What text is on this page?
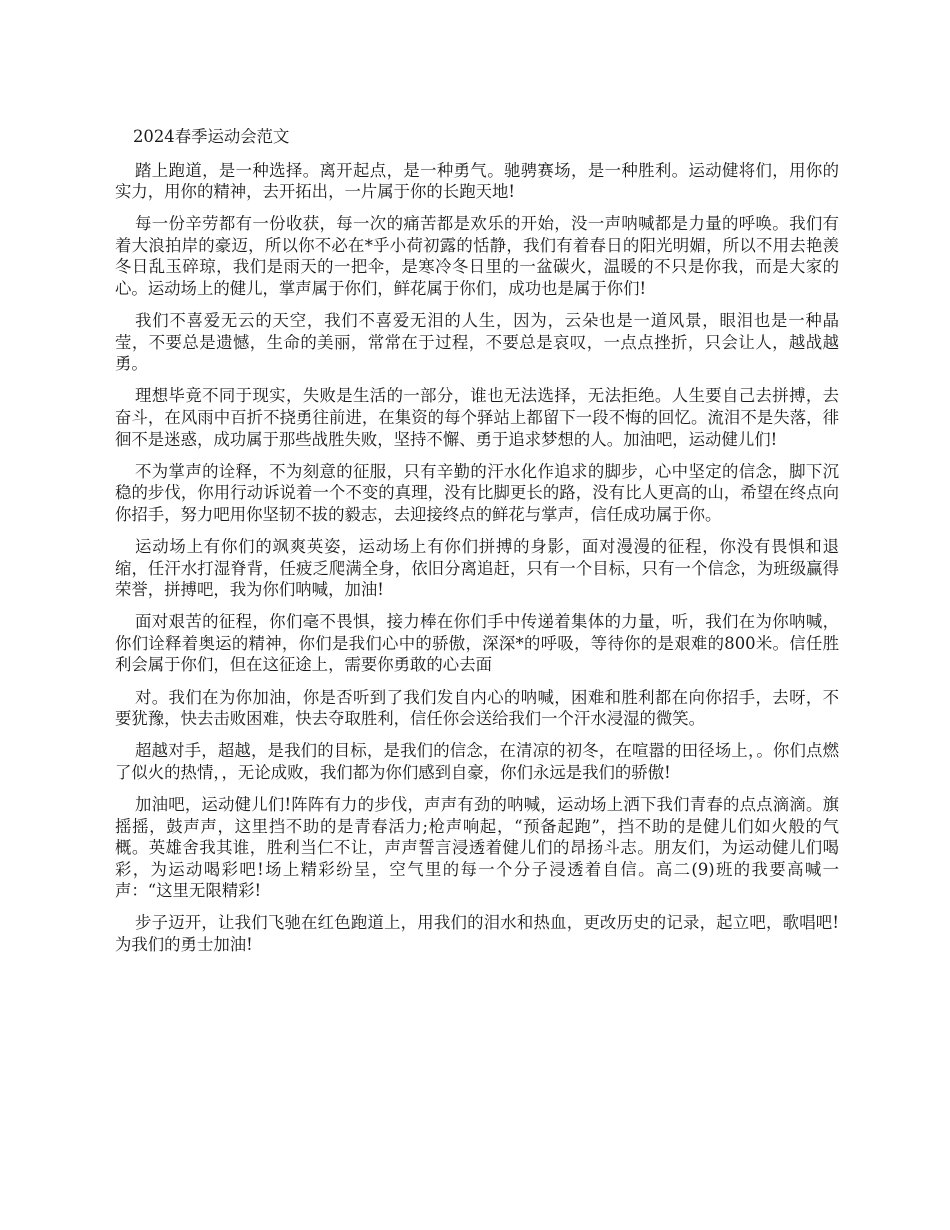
2024春季运动会范文

踏上跑道，是一种选择。离开起点，是一种勇气。驰骋赛场，是一种胜利。运动健将们，用你的实力，用你的精神，去开拓出，一片属于你的长跑天地!

每一份辛劳都有一份收获，每一次的痛苦都是欢乐的开始，没一声呐喊都是力量的呼唤。我们有着大浪拍岸的豪迈，所以你不必在*乎小荷初露的恬静，我们有着春日的阳光明媚，所以不用去艳羡冬日乱玉碎琼，我们是雨天的一把伞，是寒冷冬日里的一盆碳火，温暖的不只是你我，而是大家的心。运动场上的健儿，掌声属于你们，鲜花属于你们，成功也是属于你们!

我们不喜爱无云的天空，我们不喜爱无泪的人生，因为，云朵也是一道风景，眼泪也是一种晶莹，不要总是遗憾，生命的美丽，常常在于过程，不要总是哀叹，一点点挫折，只会让人，越战越勇。

理想毕竟不同于现实，失败是生活的一部分，谁也无法选择，无法拒绝。人生要自己去拼搏，去奋斗，在风雨中百折不挠勇往前进，在集资的每个驿站上都留下一段不悔的回忆。流泪不是失落，徘徊不是迷惑，成功属于那些战胜失败，坚持不懈、勇于追求梦想的人。加油吧，运动健儿们!

不为掌声的诠释，不为刻意的征服，只有辛勤的汗水化作追求的脚步，心中坚定的信念，脚下沉稳的步伐，你用行动诉说着一个不变的真理，没有比脚更长的路，没有比人更高的山，希望在终点向你招手，努力吧用你坚韧不拔的毅志，去迎接终点的鲜花与掌声，信任成功属于你。

运动场上有你们的飒爽英姿，运动场上有你们拼搏的身影，面对漫漫的征程，你没有畏惧和退缩，任汗水打湿脊背，任疲乏爬满全身，依旧分离追赶，只有一个目标，只有一个信念，为班级赢得荣誉，拼搏吧，我为你们呐喊，加油!

面对艰苦的征程，你们毫不畏惧，接力棒在你们手中传递着集体的力量，听，我们在为你呐喊，你们诠释着奥运的精神，你们是我们心中的骄傲，深深*的呼吸，等待你的是艰难的800米。信任胜利会属于你们，但在这征途上，需要你勇敢的心去面

对。我们在为你加油，你是否听到了我们发自内心的呐喊，困难和胜利都在向你招手，去呀，不要犹豫，快去击败困难，快去夺取胜利，信任你会送给我们一个汗水浸湿的微笑。

超越对手，超越，是我们的目标，是我们的信念，在清凉的初冬，在喧嚣的田径场上，。你们点燃了似火的热情，，无论成败，我们都为你们感到自豪，你们永远是我们的骄傲!

加油吧，运动健儿们!阵阵有力的步伐，声声有劲的呐喊，运动场上洒下我们青春的点点滴滴。旗摇摇，鼓声声，这里挡不助的是青春活力;枪声响起，“预备起跑”，挡不助的是健儿们如火般的气概。英雄舍我其谁，胜利当仁不让，声声誓言浸透着健儿们的昂扬斗志。朋友们，为运动健儿们喝彩，为运动喝彩吧!场上精彩纷呈，空气里的每一个分子浸透着自信。高二(9)班的我要高喊一声：“这里无限精彩!

步子迈开，让我们飞驰在红色跑道上，用我们的泪水和热血，更改历史的记录，起立吧，歌唱吧!为我们的勇士加油!
